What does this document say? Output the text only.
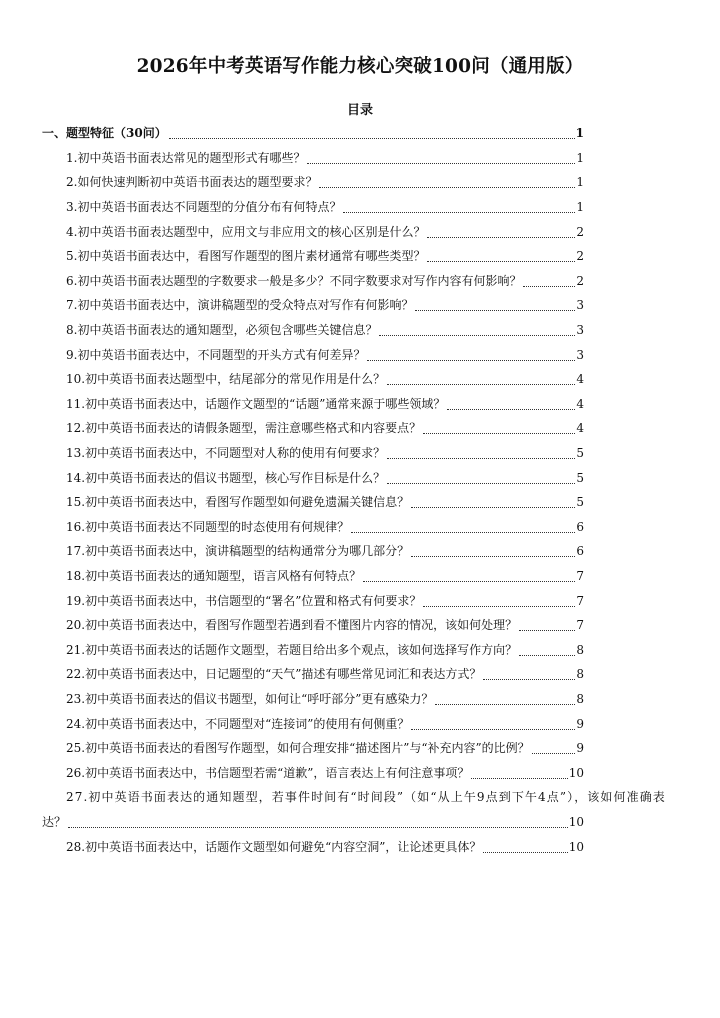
2026年中考英语写作能力核心突破100问（通用版）
目录
一、题型特征（30问）	1
1.初中英语书面表达常见的题型形式有哪些？	1
2.如何快速判断初中英语书面表达的题型要求？	1
3.初中英语书面表达不同题型的分值分布有何特点？	1
4.初中英语书面表达题型中，应用文与非应用文的核心区别是什么？	2
5.初中英语书面表达中，看图写作题型的图片素材通常有哪些类型？	2
6.初中英语书面表达题型的字数要求一般是多少？不同字数要求对写作内容有何影响？	2
7.初中英语书面表达中，演讲稿题型的受众特点对写作有何影响？	3
8.初中英语书面表达的通知题型，必须包含哪些关键信息？	3
9.初中英语书面表达中，不同题型的开头方式有何差异？	3
10.初中英语书面表达题型中，结尾部分的常见作用是什么？	4
11.初中英语书面表达中，话题作文题型的“话题”通常来源于哪些领域？	4
12.初中英语书面表达的请假条题型，需注意哪些格式和内容要点？	4
13.初中英语书面表达中，不同题型对人称的使用有何要求？	5
14.初中英语书面表达的倡议书题型，核心写作目标是什么？	5
15.初中英语书面表达中，看图写作题型如何避免遗漏关键信息？	5
16.初中英语书面表达不同题型的时态使用有何规律？	6
17.初中英语书面表达中，演讲稿题型的结构通常分为哪几部分？	6
18.初中英语书面表达的通知题型，语言风格有何特点？	7
19.初中英语书面表达中，书信题型的“署名”位置和格式有何要求？	7
20.初中英语书面表达中，看图写作题型若遇到看不懂图片内容的情况，该如何处理？	7
21.初中英语书面表达的话题作文题型，若题目给出多个观点，该如何选择写作方向？	8
22.初中英语书面表达中，日记题型的“天气”描述有哪些常见词汇和表达方式？	8
23.初中英语书面表达的倡议书题型，如何让“呼吁部分”更有感染力？	8
24.初中英语书面表达中，不同题型对“连接词”的使用有何侧重？	9
25.初中英语书面表达的看图写作题型，如何合理安排“描述图片”与“补充内容”的比例？	9
26.初中英语书面表达中，书信题型若需“道歉”，语言表达上有何注意事项？	10
27.初中英语书面表达的通知题型，若事件时间有“时间段”（如“从上午9点到下午4点”），该如何准确表
达？	10
28.初中英语书面表达中，话题作文题型如何避免“内容空洞”，让论述更具体？	10
